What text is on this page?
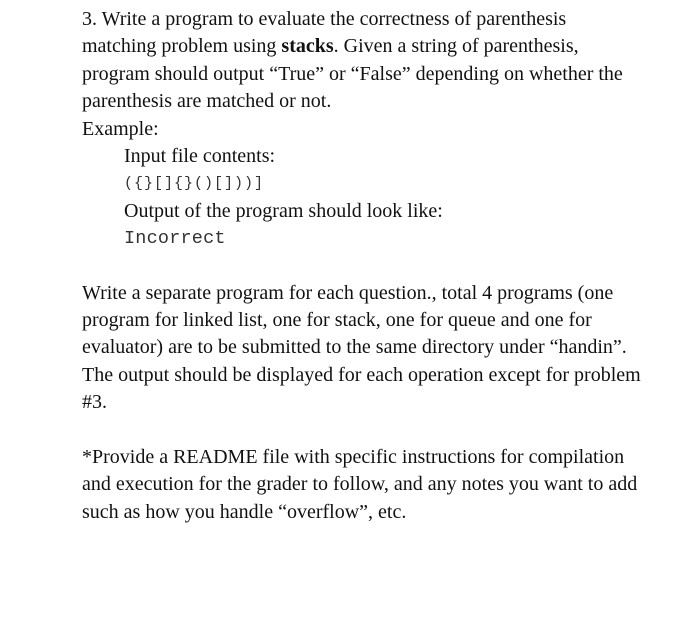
3. Write a program to evaluate the correctness of parenthesis matching problem using stacks. Given a string of parenthesis, program should output “True” or “False” depending on whether the parenthesis are matched or not.

Example:
Input file contents:
({}[]{}()[]))]
Output of the program should look like:
Incorrect

Write a separate program for each question., total 4 programs (one program for linked list, one for stack, one for queue and one for evaluator) are to be submitted to the same directory under “handin”. The output should be displayed for each operation except for problem #3.

*Provide a README file with specific instructions for compilation and execution for the grader to follow, and any notes you want to add such as how you handle “overflow”, etc.
